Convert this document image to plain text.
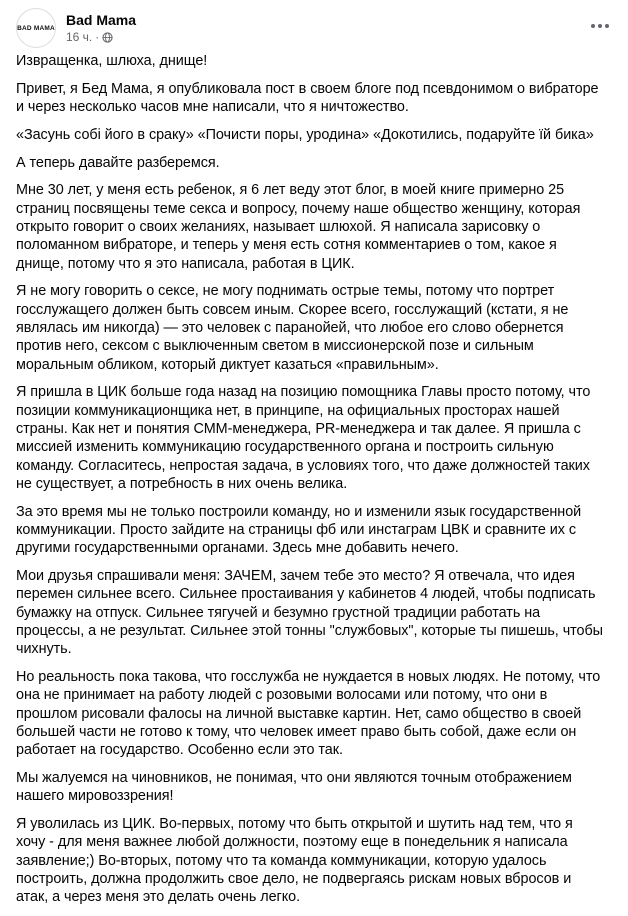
BAD MAMA Bad Mama
16 ч. ·

Извращенка, шлюха, днище!

Привет, я Бед Мама, я опубликовала пост в своем блоге под псевдонимом о вибраторе и через несколько часов мне написали, что я ничтожество.

«Засунь собі його в сраку» «Почисти поры, уродина» «Докотились, подаруйте їй бика»

А теперь давайте разберемся.

Мне 30 лет, у меня есть ребенок, я 6 лет веду этот блог, в моей книге примерно 25 страниц посвящены теме секса и вопросу, почему наше общество женщину, которая открыто говорит о своих желаниях, называет шлюхой. Я написала зарисовку о поломанном вибраторе, и теперь у меня есть сотня комментариев о том, какое я днище, потому что я это написала, работая в ЦИК.

Я не могу говорить о сексе, не могу поднимать острые темы, потому что портрет госслужащего должен быть совсем иным. Скорее всего, госслужащий (кстати, я не являлась им никогда) — это человек с паранойей, что любое его слово обернется против него, сексом с выключенным светом в миссионерской позе и сильным моральным обликом, который диктует казаться «правильным».

Я пришла в ЦИК больше года назад на позицию помощника Главы просто потому, что позиции коммуникационщика нет, в принципе, на официальных просторах нашей страны. Как нет и понятия СММ-менеджера, PR-менеджера и так далее. Я пришла с миссией изменить коммуникацию государственного органа и построить сильную команду. Согласитесь, непростая задача, в условиях того, что даже должностей таких не существует, а потребность в них очень велика.

За это время мы не только построили команду, но и изменили язык государственной коммуникации. Просто зайдите на страницы фб или инстаграм ЦВК и сравните их с другими государственными органами. Здесь мне добавить нечего.

Мои друзья спрашивали меня: ЗАЧЕМ, зачем тебе это место? Я отвечала, что идея перемен сильнее всего. Сильнее простаивания у кабинетов 4 людей, чтобы подписать бумажку на отпуск. Сильнее тягучей и безумно грустной традиции работать на процессы, а не результат. Сильнее этой тонны "службовых", которые ты пишешь, чтобы чихнуть.

Но реальность пока такова, что госслужба не нуждается в новых людях. Не потому, что она не принимает на работу людей с розовыми волосами или потому, что они в прошлом рисовали фалосы на личной выставке картин. Нет, само общество в своей большей части не готово к тому, что человек имеет право быть собой, даже если он работает на государство. Особенно если это так.

Мы жалуемся на чиновников, не понимая, что они являются точным отображением нашего мировоззрения!

Я уволилась из ЦИК. Во-первых, потому что быть открытой и шутить над тем, что я хочу - для меня важнее любой должности, поэтому еще в понедельник я написала заявление;) Во-вторых, потому что та команда коммуникации, которую удалось построить, должна продолжить свое дело, не подвергаясь рискам новых вбросов и атак, а через меня это делать очень легко.
